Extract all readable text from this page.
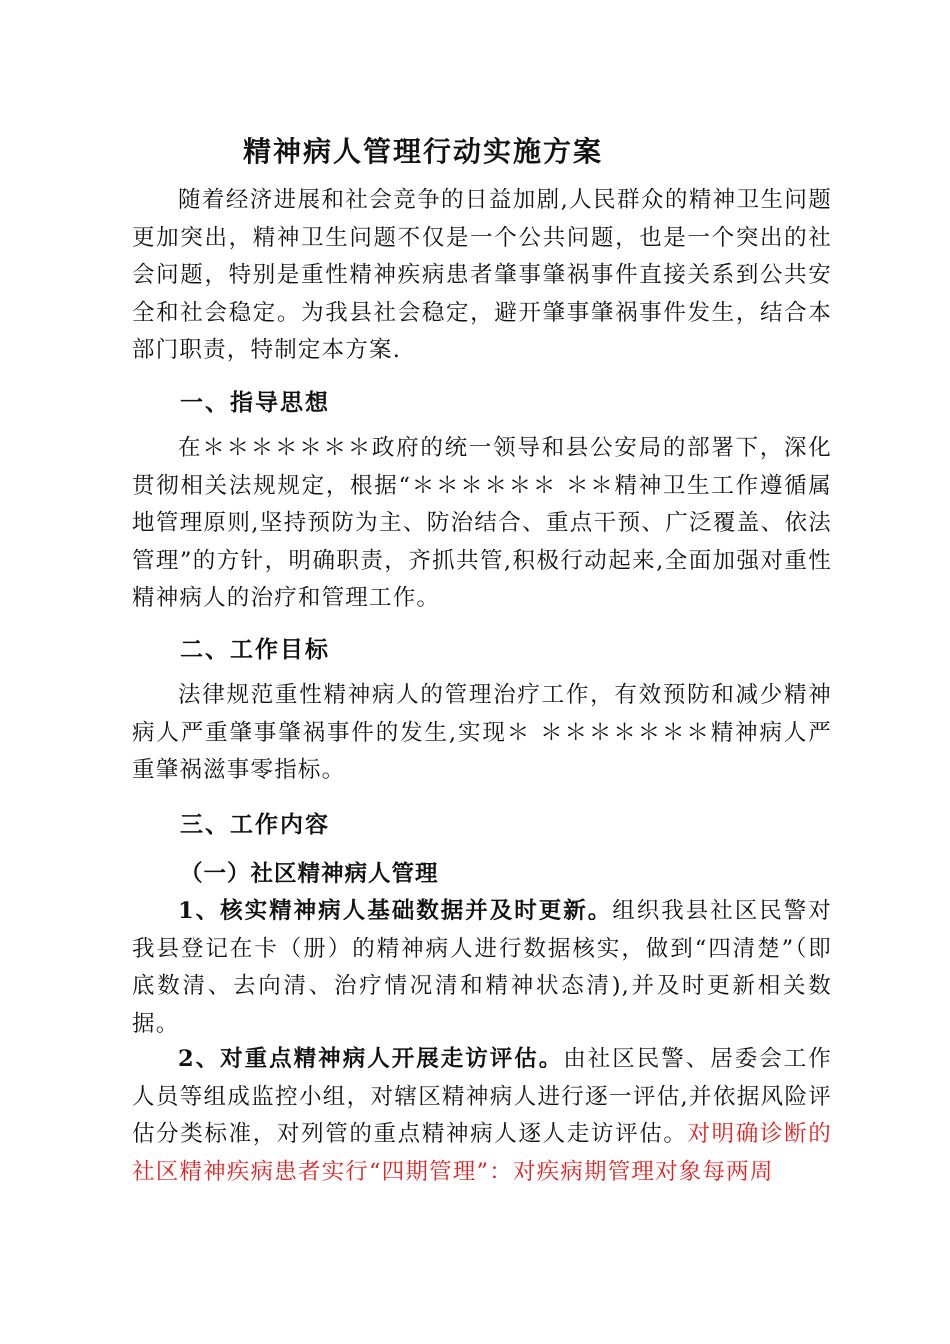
精神病人管理行动实施方案

随着经济进展和社会竞争的日益加剧,人民群众的精神卫生问题更加突出，精神卫生问题不仅是一个公共问题，也是一个突出的社会问题，特别是重性精神疾病患者肇事肇祸事件直接关系到公共安全和社会稳定。为我县社会稳定，避开肇事肇祸事件发生，结合本部门职责，特制定本方案.

一、指导思想

在＊＊＊＊＊＊＊政府的统一领导和县公安局的部署下，深化贯彻相关法规规定，根据“＊＊＊＊＊＊ ＊＊精神卫生工作遵循属地管理原则,坚持预防为主、防治结合、重点干预、广泛覆盖、依法管理”的方针，明确职责，齐抓共管,积极行动起来,全面加强对重性精神病人的治疗和管理工作。

二、工作目标

法律规范重性精神病人的管理治疗工作，有效预防和减少精神病人严重肇事肇祸事件的发生,实现＊ ＊＊＊＊＊＊＊精神病人严重肇祸滋事零指标。

三、工作内容
（一）社区精神病人管理

1、核实精神病人基础数据并及时更新。组织我县社区民警对我县登记在卡（册）的精神病人进行数据核实，做到“四清楚”（即底数清、去向清、治疗情况清和精神状态清),并及时更新相关数据。

2、对重点精神病人开展走访评估。由社区民警、居委会工作人员等组成监控小组，对辖区精神病人进行逐一评估,并依据风险评估分类标准，对列管的重点精神病人逐人走访评估。对明确诊断的社区精神疾病患者实行“四期管理”：对疾病期管理对象每两周
